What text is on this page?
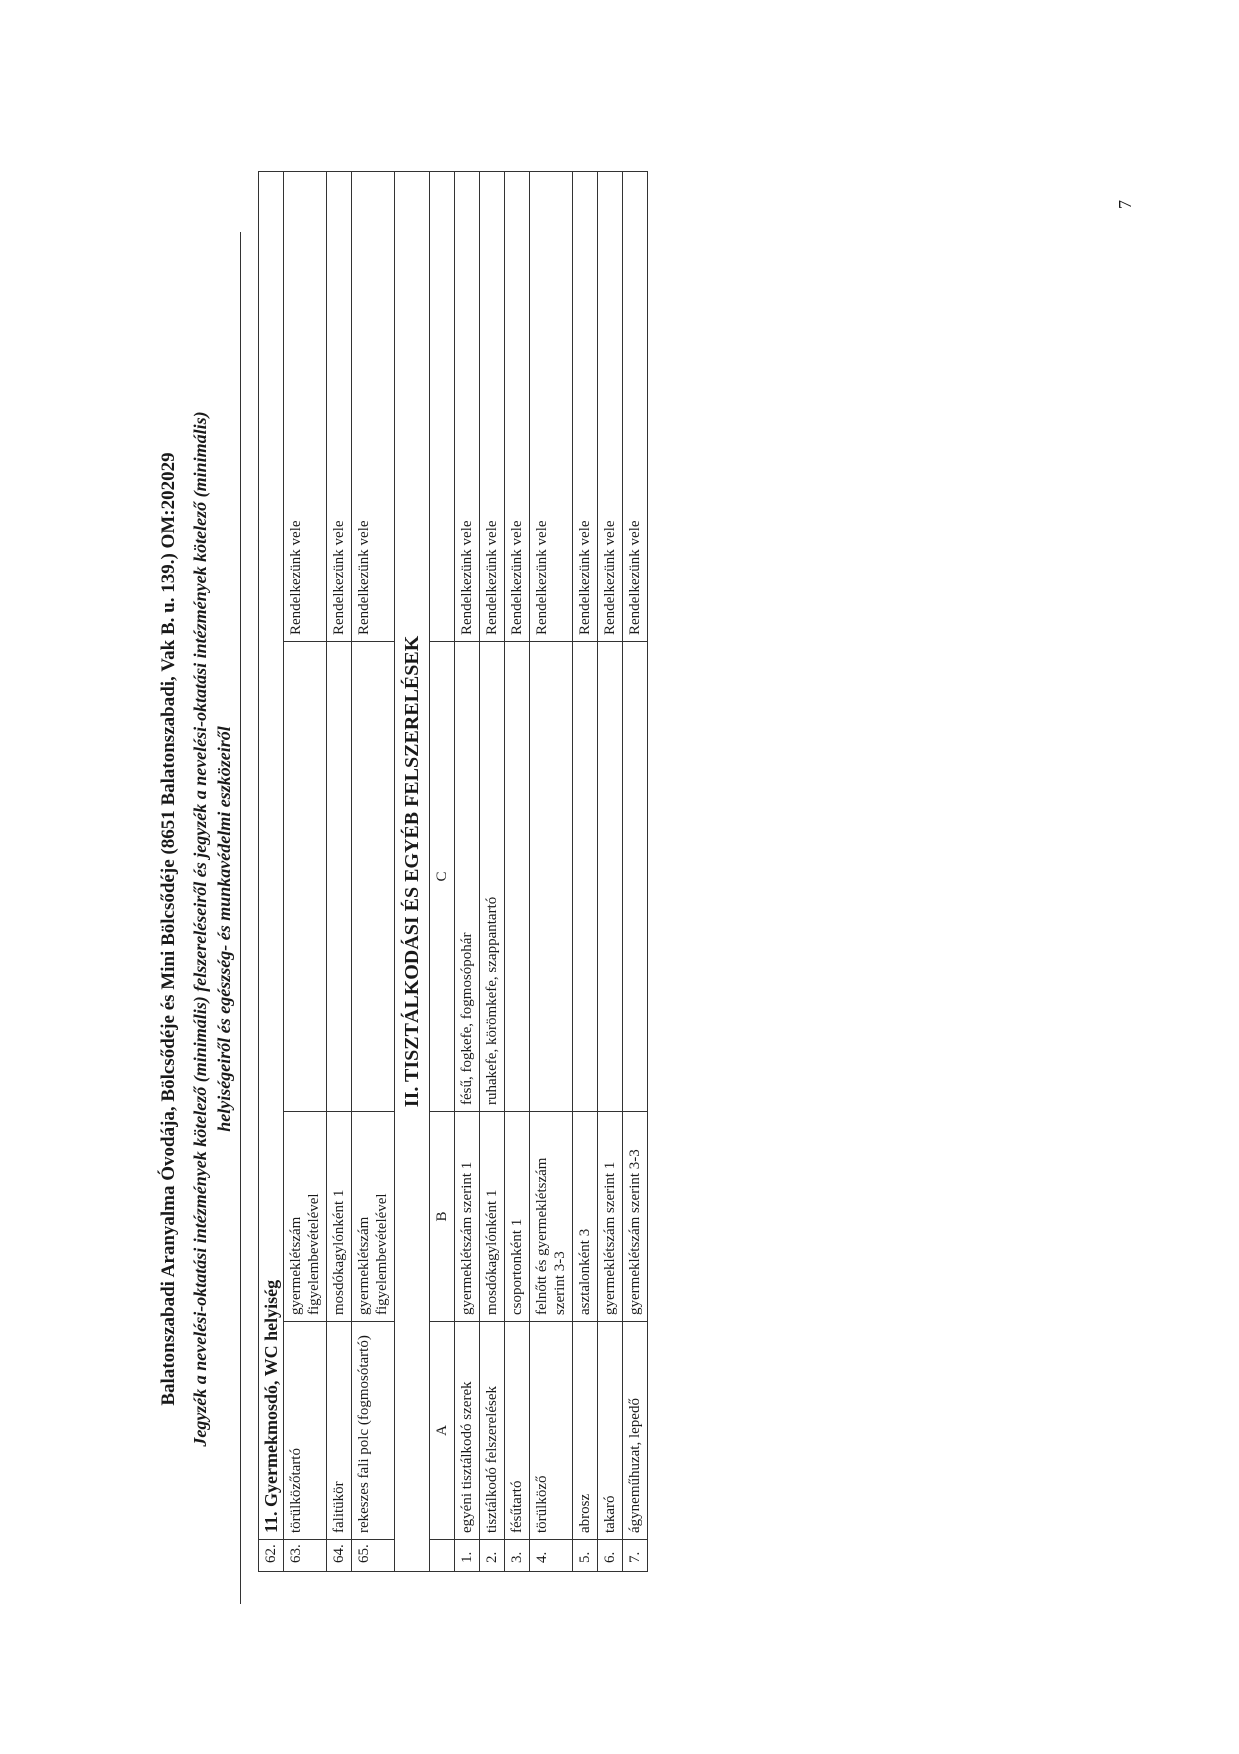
Balatonszabadi Aranyalma Óvodája, Bölcsődéje és Mini Bölcsődéje (8651 Balatonszabadi, Vak B. u. 139.) OM:202029 Jegyzék a nevelési-oktatási intézmények kötelező (minimális) felszereléseiről és jegyzék a nevelési-oktatási intézmények kötelező (minimális) helyiségeiről és egészség- és munkavédelmi eszközeiről
62.	11. Gyermekmosdó, WC helyiség			
63.	törülközőtartó	gyermeklétszám figyelembevételével		Rendelkezünk vele
64.	falitükör	mosdókagylónként 1		Rendelkezünk vele
65.	rekeszes fali polc (fogmosótartó)	gyermeklétszám figyelembevételével		Rendelkezünk vele
II. TISZTÁLKODÁSI ÉS EGYÉB FELSZERELÉSEK				
	A	B	C	
1.	egyéni tisztálkodó szerek	gyermeklétszám szerint 1	fésű, fogkefe, fogmosópohár	Rendelkezünk vele
2.	tisztálkodó felszerelések	mosdókagylónként 1	ruhakefe, körömkefe, szappantartó	Rendelkezünk vele
3.	fésűtartó	csoportonként 1		Rendelkezünk vele
4.	törülköző	felnőtt és gyermeklétszám szerint 3-3		Rendelkezünk vele
5.	abrosz	asztalonként 3		Rendelkezünk vele
6.	takaró	gyermeklétszám szerint 1		Rendelkezünk vele
7.	ágyneműhuzat, lepedő	gyermeklétszám szerint 3-3		Rendelkezünk vele
7
